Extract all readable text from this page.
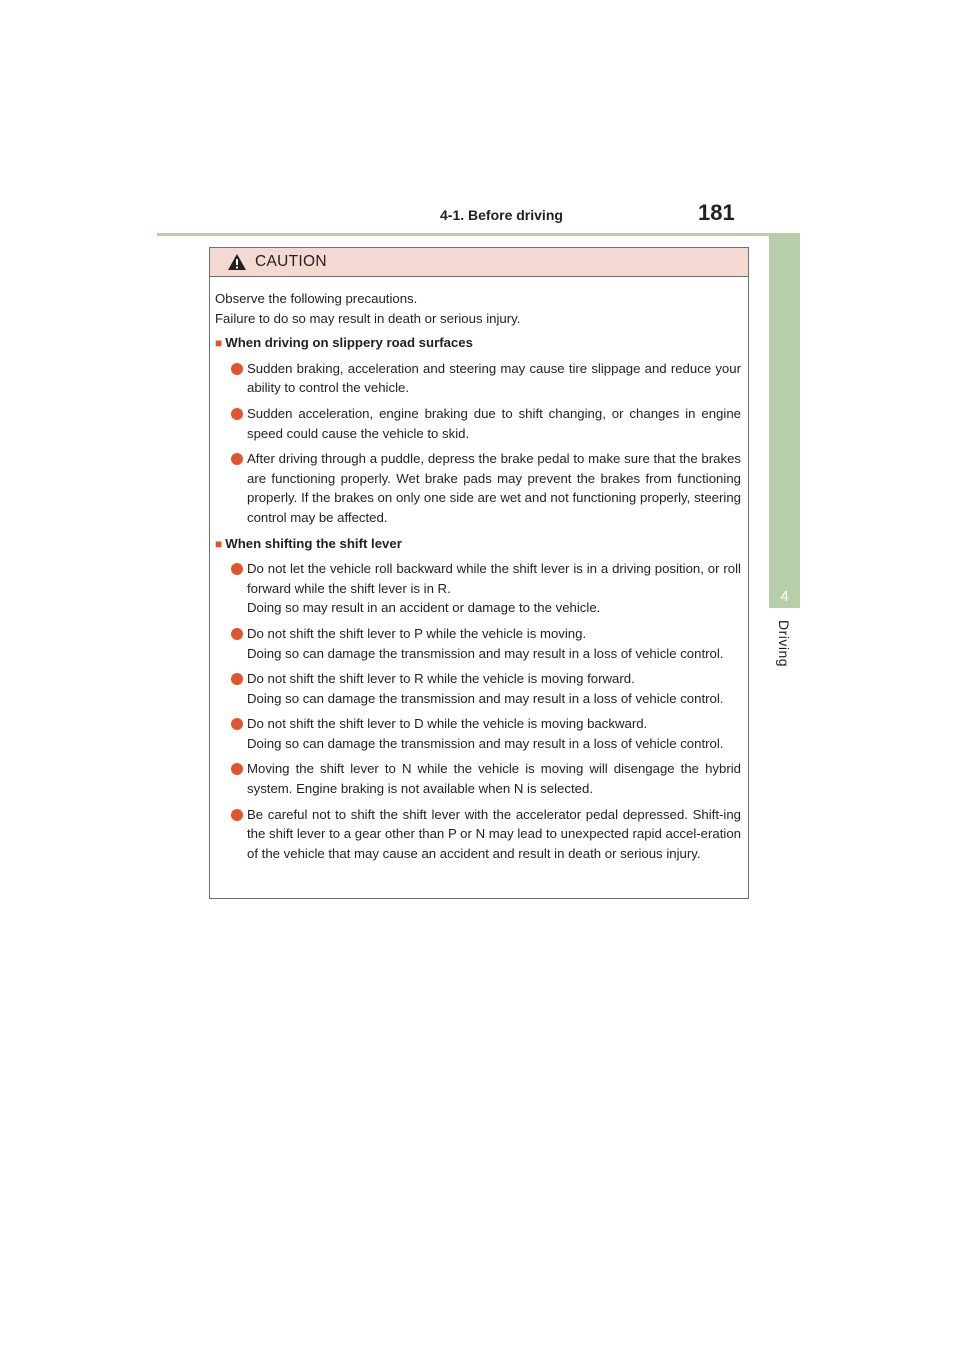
4-1. Before driving	181
4
Driving
CAUTION

Observe the following precautions.
Failure to do so may result in death or serious injury.

■ When driving on slippery road surfaces
Sudden braking, acceleration and steering may cause tire slippage and reduce your ability to control the vehicle.
Sudden acceleration, engine braking due to shift changing, or changes in engine speed could cause the vehicle to skid.
After driving through a puddle, depress the brake pedal to make sure that the brakes are functioning properly. Wet brake pads may prevent the brakes from functioning properly. If the brakes on only one side are wet and not functioning properly, steering control may be affected.
■ When shifting the shift lever
Do not let the vehicle roll backward while the shift lever is in a driving position, or roll forward while the shift lever is in R.
Doing so may result in an accident or damage to the vehicle.
Do not shift the shift lever to P while the vehicle is moving.
Doing so can damage the transmission and may result in a loss of vehicle control.
Do not shift the shift lever to R while the vehicle is moving forward.
Doing so can damage the transmission and may result in a loss of vehicle control.
Do not shift the shift lever to D while the vehicle is moving backward.
Doing so can damage the transmission and may result in a loss of vehicle control.
Moving the shift lever to N while the vehicle is moving will disengage the hybrid system. Engine braking is not available when N is selected.
Be careful not to shift the shift lever with the accelerator pedal depressed. Shift-ing the shift lever to a gear other than P or N may lead to unexpected rapid accel-eration of the vehicle that may cause an accident and result in death or serious injury.
